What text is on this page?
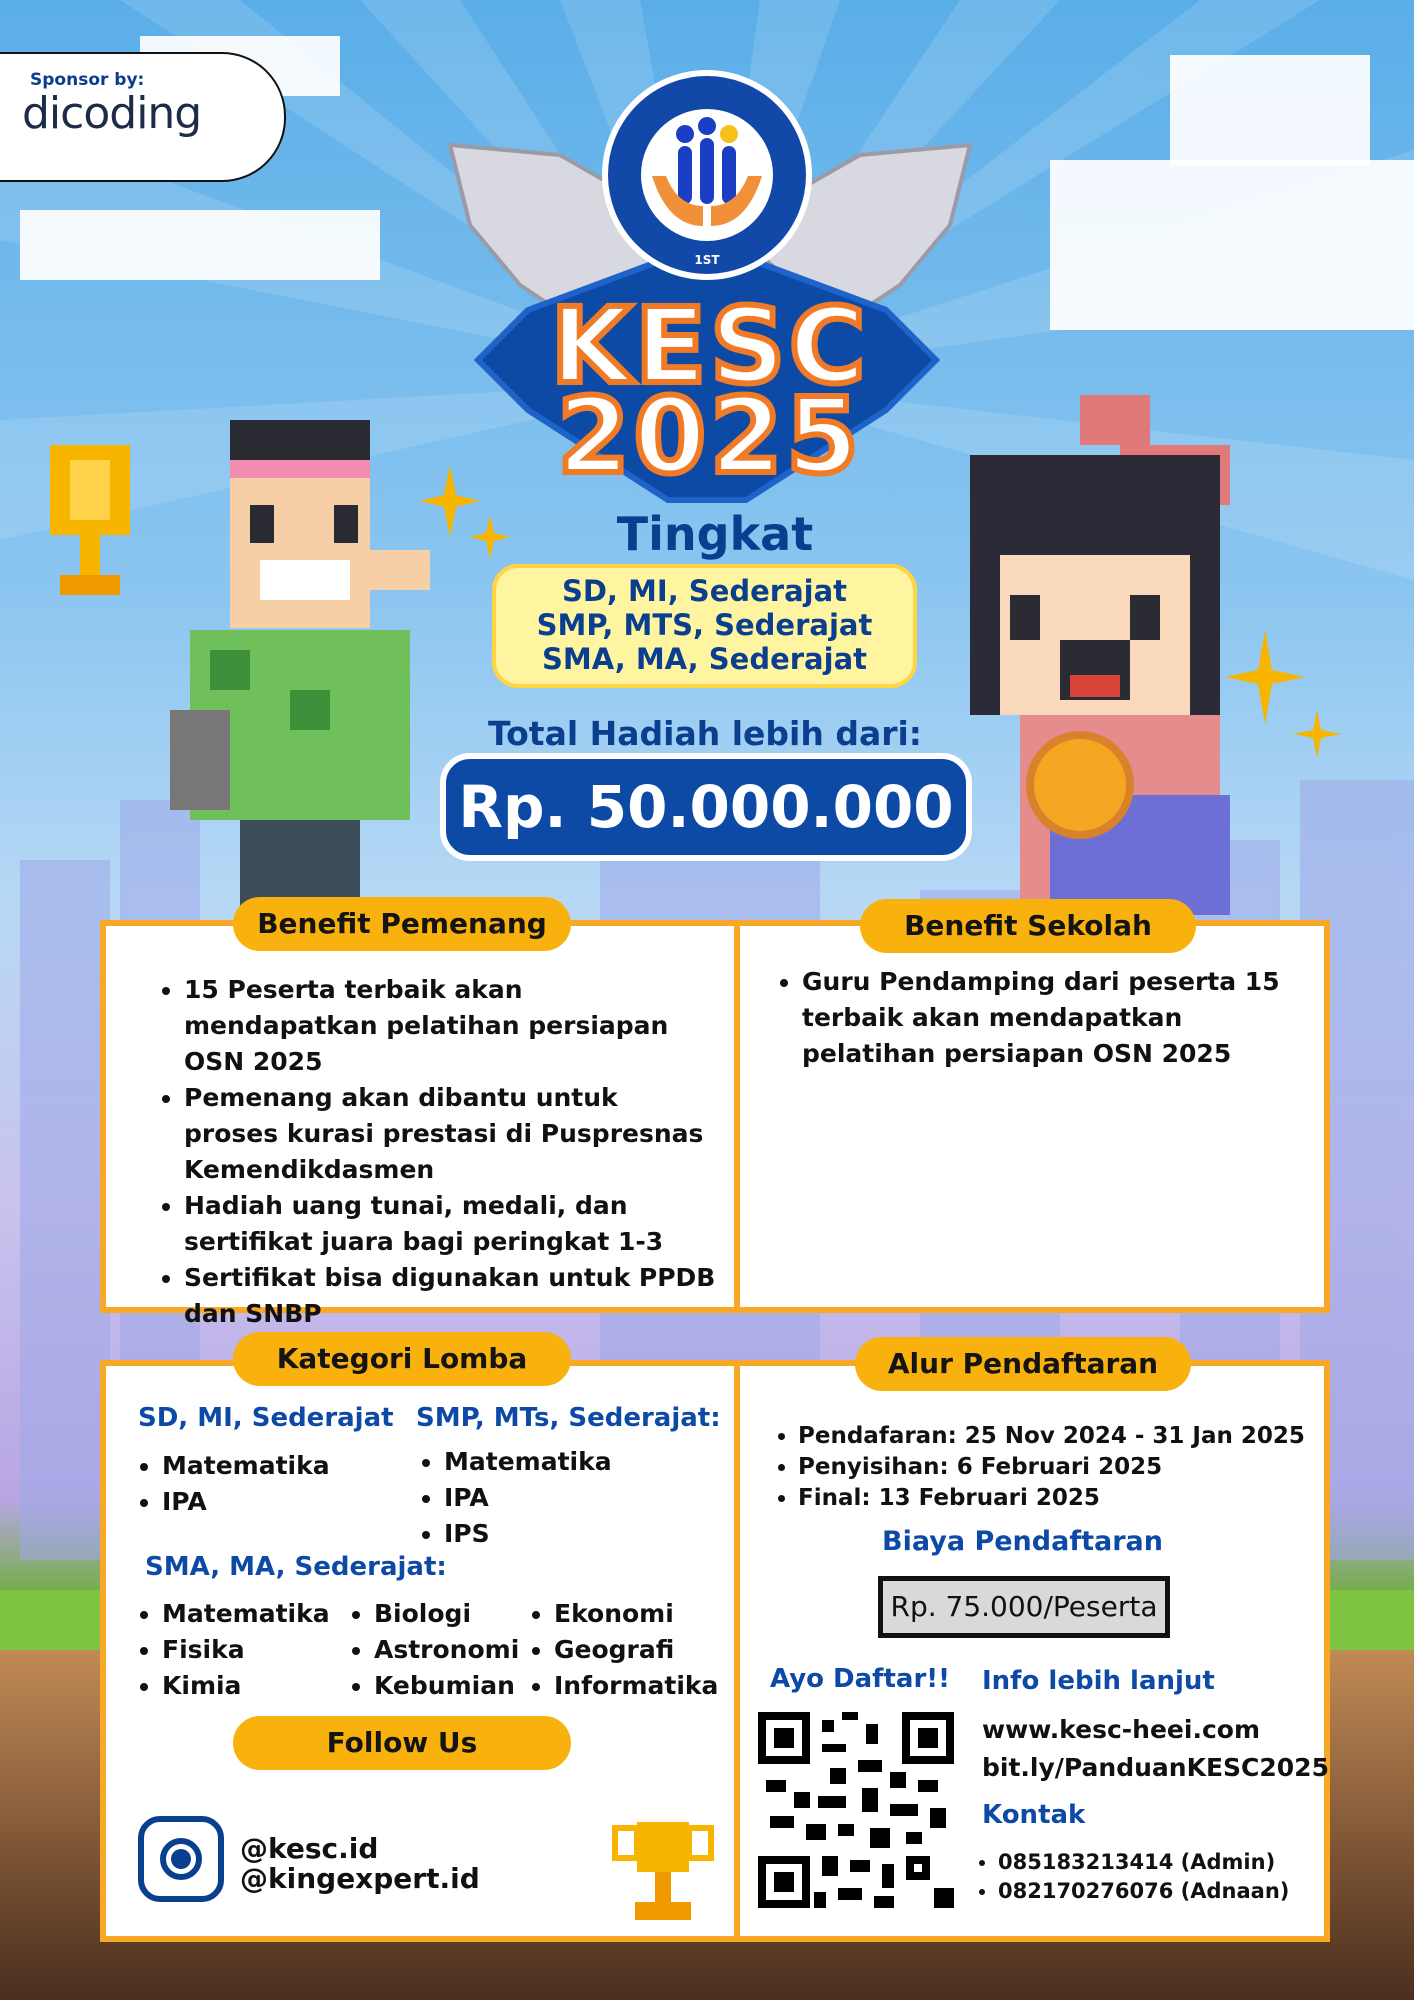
Sponsor by:
dicoding
1ST
KESC
2025
Tingkat
SD, MI, Sederajat
SMP, MTS, Sederajat
SMA, MA, Sederajat
Total Hadiah lebih dari:
Rp. 50.000.000
Benefit Pemenang	Benefit Sekolah
• 15 Peserta terbaik akan mendapatkan pelatihan persiapan OSN 2025
• Pemenang akan dibantu untuk proses kurasi prestasi di Puspresnas Kemendikdasmen
• Hadiah uang tunai, medali, dan sertifikat juara bagi peringkat 1-3
• Sertifikat bisa digunakan untuk PPDB dan SNBP
• Guru Pendamping dari peserta 15 terbaik akan mendapatkan pelatihan persiapan OSN 2025
Kategori Lomba	Alur Pendaftaran
SD, MI, Sederajat
• Matematika
• IPA
SMP, MTs, Sederajat:
• Matematika
• IPA
• IPS
SMA, MA, Sederajat:
• Matematika
• Fisika
• Kimia
• Biologi
• Astronomi
• Kebumian
• Ekonomi
• Geografi
• Informatika
Follow Us
@kesc.id
@kingexpert.id
• Pendafaran: 25 Nov 2024 - 31 Jan 2025
• Penyisihan: 6 Februari 2025
• Final: 13 Februari 2025
Biaya Pendaftaran
Rp. 75.000/Peserta
Ayo Daftar!! Info lebih lanjut
www.kesc-heei.com
bit.ly/PanduanKESC2025
Kontak
• 085183213414 (Admin)
• 082170276076 (Adnaan)
